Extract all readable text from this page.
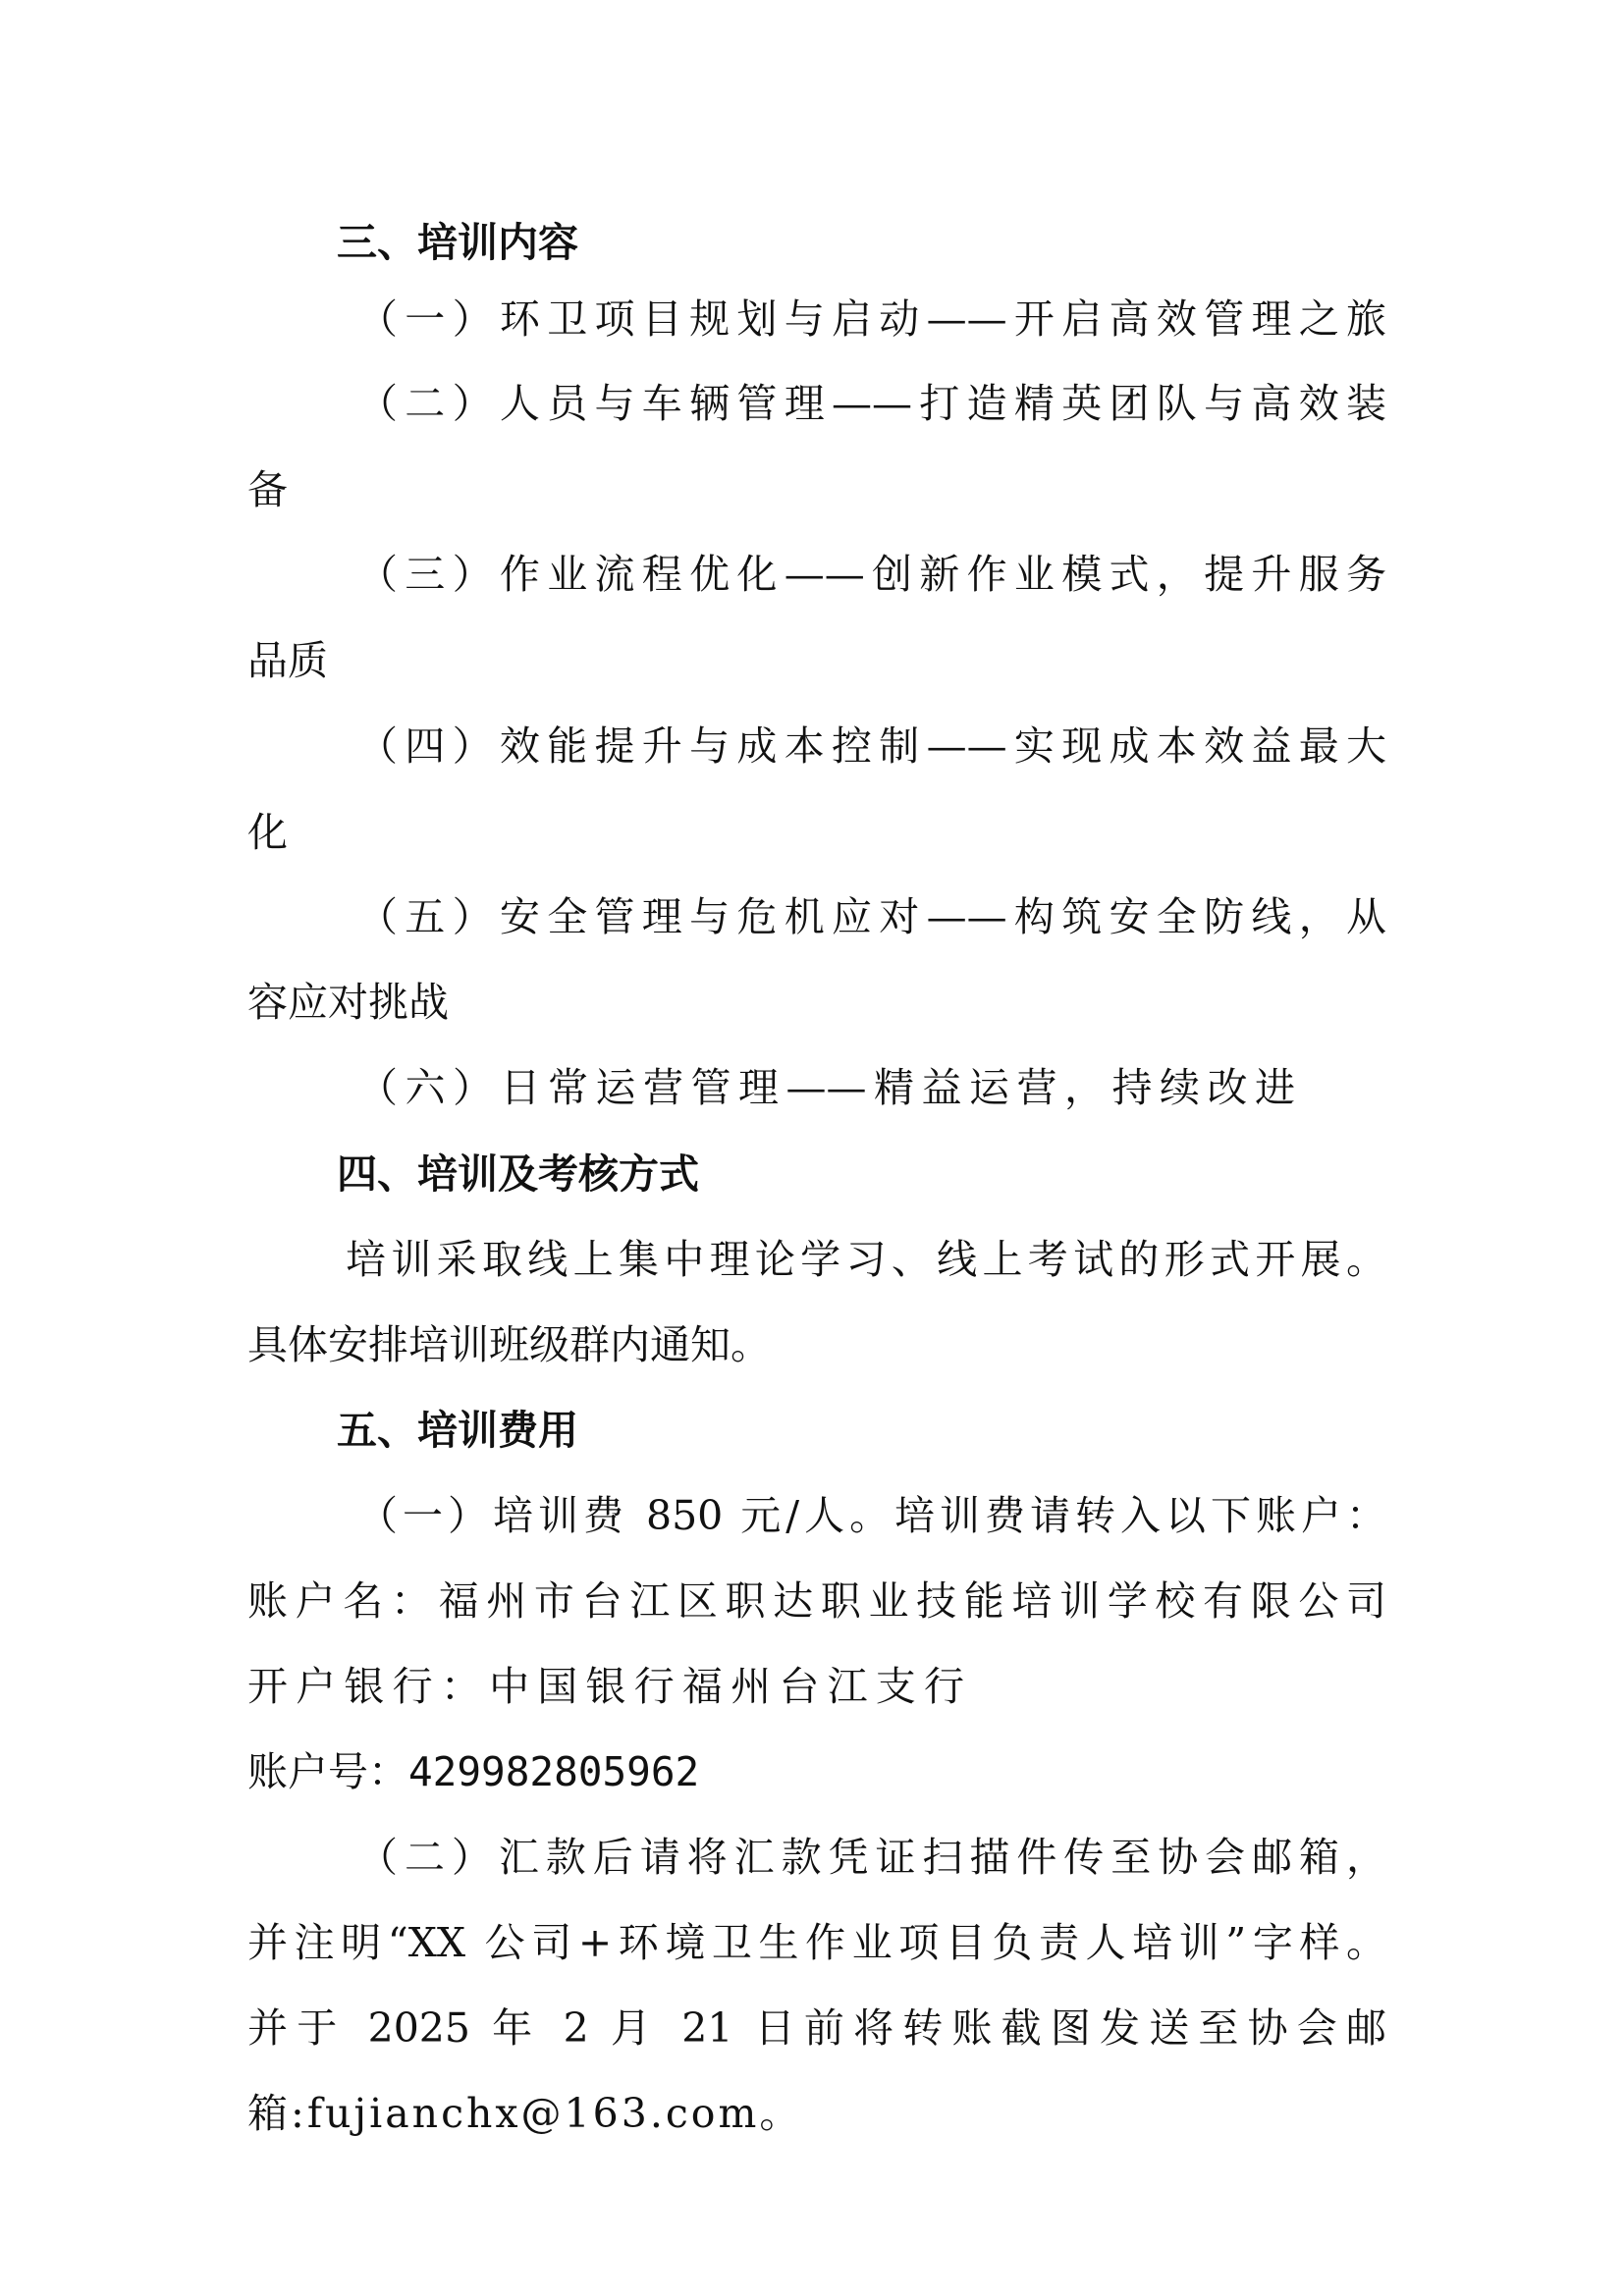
三、培训内容
（一）环卫项目规划与启动——开启高效管理之旅
（二）人员与车辆管理——打造精英团队与高效装
备
（三）作业流程优化——创新作业模式，提升服务
品质
（四）效能提升与成本控制——实现成本效益最大
化
（五）安全管理与危机应对——构筑安全防线，从
容应对挑战
（六）日常运营管理——精益运营，持续改进
四、培训及考核方式
培训采取线上集中理论学习、线上考试的形式开展。
具体安排培训班级群内通知。
五、培训费用
（一）培训费 850 元/人。培训费请转入以下账户：
账户名：福州市台江区职达职业技能培训学校有限公司
开户银行：中国银行福州台江支行
账户号：429982805962
（二）汇款后请将汇款凭证扫描件传至协会邮箱，
并注明“XX 公司+环境卫生作业项目负责人培训”字样。
并于 2025 年 2 月 21 日前将转账截图发送至协会邮
箱:fujianchx@163.com。
